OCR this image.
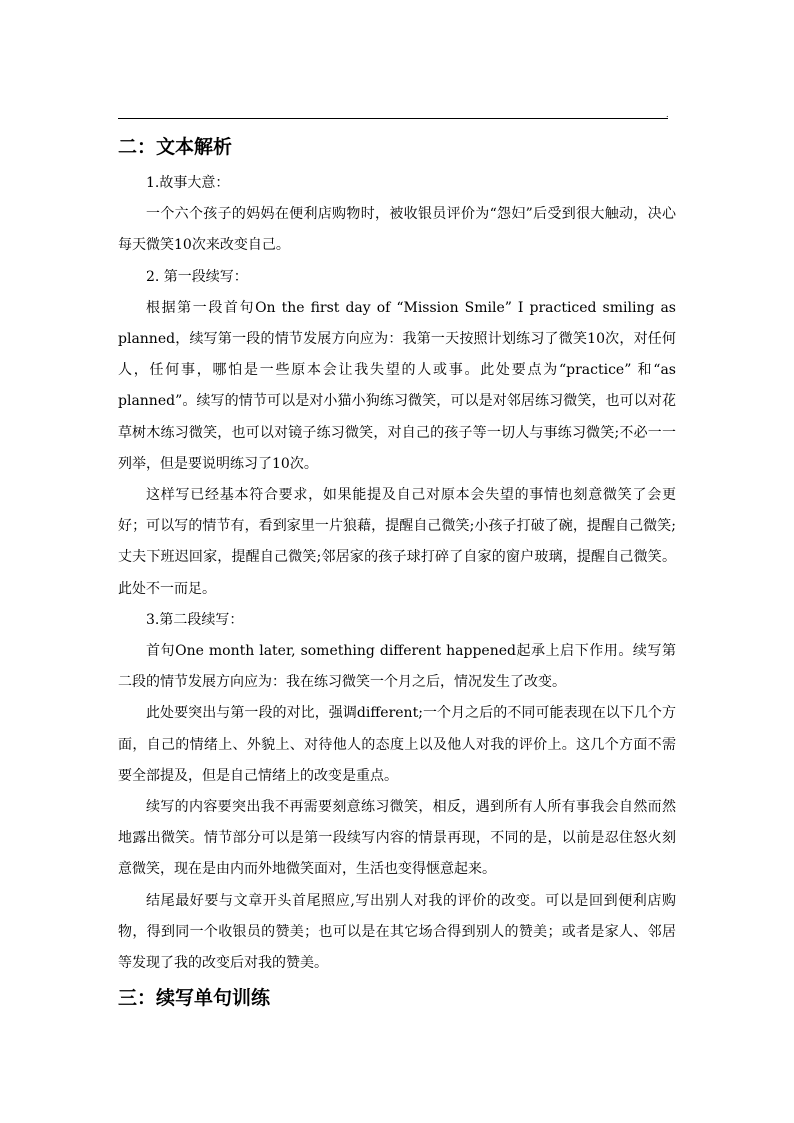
.
二：文本解析

1.故事大意：

一个六个孩子的妈妈在便利店购物时，被收银员评价为“怨妇”后受到很大触动，决心每天微笑10次来改变自己。

2. 第一段续写：

根据第一段首句On the first day of “Mission Smile” I practiced smiling as planned，续写第一段的情节发展方向应为：我第一天按照计划练习了微笑10次，对任何人，任何事，哪怕是一些原本会让我失望的人或事。此处要点为“practice” 和“as planned”。续写的情节可以是对小猫小狗练习微笑，可以是对邻居练习微笑，也可以对花草树木练习微笑，也可以对镜子练习微笑，对自己的孩子等一切人与事练习微笑;不必一一列举，但是要说明练习了10次。

这样写已经基本符合要求，如果能提及自己对原本会失望的事情也刻意微笑了会更好；可以写的情节有，看到家里一片狼藉，提醒自己微笑;小孩子打破了碗，提醒自己微笑;丈夫下班迟回家，提醒自己微笑;邻居家的孩子球打碎了自家的窗户玻璃，提醒自己微笑。此处不一而足。

3.第二段续写：

首句One month later, something different happened起承上启下作用。续写第二段的情节发展方向应为：我在练习微笑一个月之后，情况发生了改变。

此处要突出与第一段的对比，强调different;一个月之后的不同可能表现在以下几个方面，自己的情绪上、外貌上、对待他人的态度上以及他人对我的评价上。这几个方面不需要全部提及，但是自己情绪上的改变是重点。

续写的内容要突出我不再需要刻意练习微笑，相反，遇到所有人所有事我会自然而然地露出微笑。情节部分可以是第一段续写内容的情景再现，不同的是，以前是忍住怒火刻意微笑，现在是由内而外地微笑面对，生活也变得惬意起来。

结尾最好要与文章开头首尾照应,写出别人对我的评价的改变。可以是回到便利店购物，得到同一个收银员的赞美；也可以是在其它场合得到别人的赞美；或者是家人、邻居等发现了我的改变后对我的赞美。

三：续写单句训练
